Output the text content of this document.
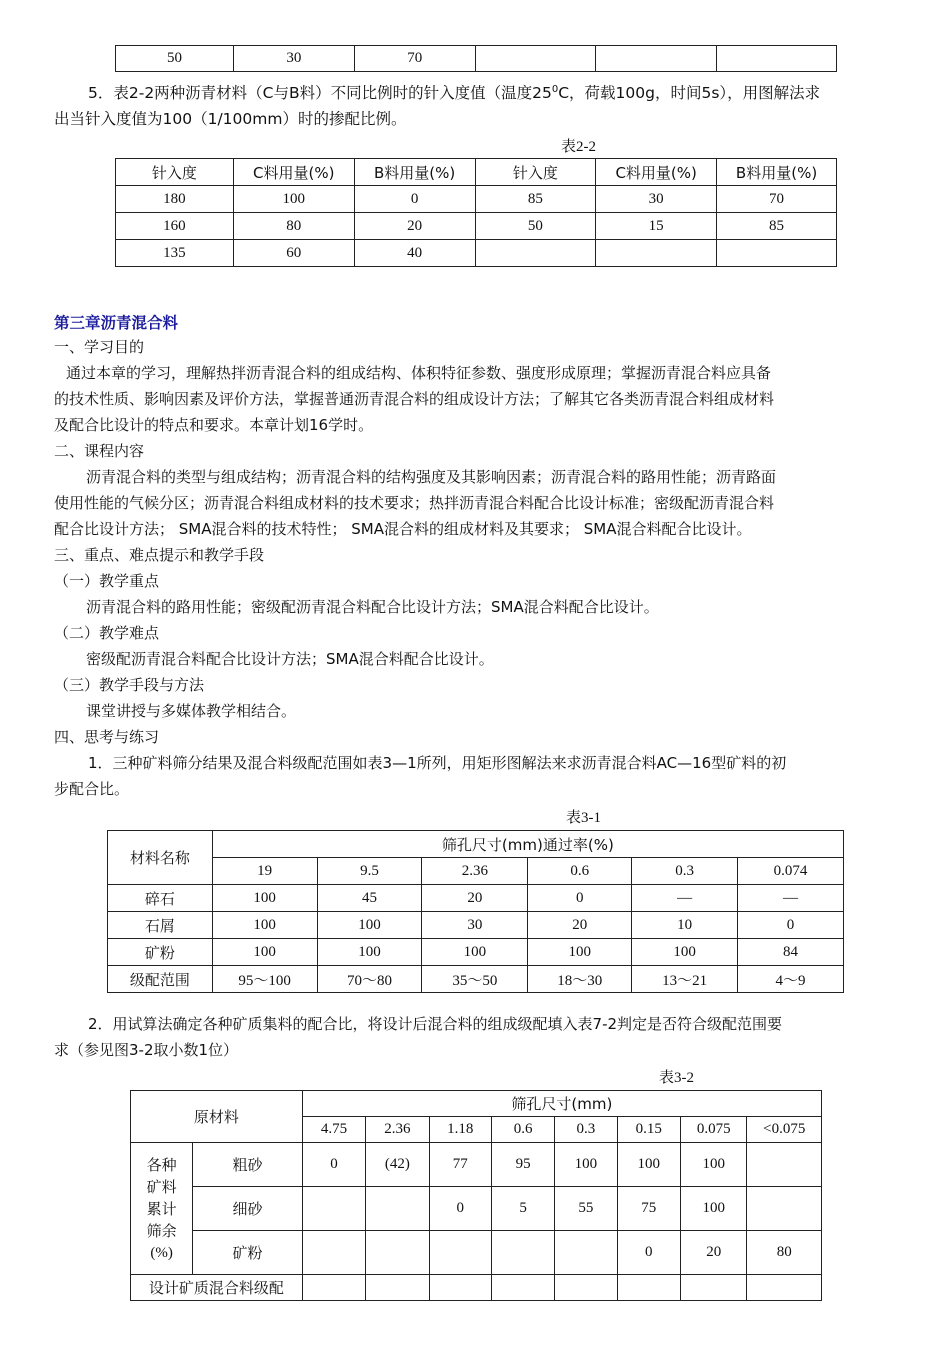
50	30	70			
5．表2-2两种沥青材料（C与B料）不同比例时的针入度值（温度$25^0C$，荷载100g，时间5s），用图解法求
出当针入度值为100（1/100mm）时的掺配比例。
表2-2
针入度	C料用量(%)	B料用量(%)	针入度	C料用量(%)	B料用量(%)
180	100	0	85	30	70
160	80	20	50	15	85
135	60	40			
第三章沥青混合料
一、学习目的
通过本章的学习，理解热拌沥青混合料的组成结构、体积特征参数、强度形成原理；掌握沥青混合料应具备
的技术性质、影响因素及评价方法，掌握普通沥青混合料的组成设计方法；了解其它各类沥青混合料组成材料
及配合比设计的特点和要求。本章计划16学时。
二、课程内容
沥青混合料的类型与组成结构；沥青混合料的结构强度及其影响因素；沥青混合料的路用性能；沥青路面
使用性能的气候分区；沥青混合料组成材料的技术要求；热拌沥青混合料配合比设计标准；密级配沥青混合料
配合比设计方法； SMA混合料的技术特性； SMA混合料的组成材料及其要求； SMA混合料配合比设计。
三、重点、难点提示和教学手段
（一）教学重点
沥青混合料的路用性能；密级配沥青混合料配合比设计方法；SMA混合料配合比设计。
（二）教学难点
密级配沥青混合料配合比设计方法；SMA混合料配合比设计。
（三）教学手段与方法
课堂讲授与多媒体教学相结合。
四、思考与练习
1．三种矿料筛分结果及混合料级配范围如表3—1所列，用矩形图解法来求沥青混合料AC—16型矿料的初
步配合比。
表3-1
材料名称	筛孔尺寸(mm)通过率(%)					
	19	9.5	2.36	0.6	0.3	0.074
碎石	100	45	20	0	—	—
石屑	100	100	30	20	10	0
矿粉	100	100	100	100	100	84
级配范围	95～100	70～80	35～50	18～30	13～21	4～9
2．用试算法确定各种矿质集料的配合比，将设计后混合料的组成级配填入表7-2判定是否符合级配范围要
求（参见图3-2取小数1位）
表3-2
原材料		筛孔尺寸(mm)							
		4.75	2.36	1.18	0.6	0.3	0.15	0.075	<0.075

各种
矿料
累计
筛余
(%)	粗砂	0	(42)	77	95	100	100	100	
	细砂			0	5	55	75	100	
	矿粉						0	20	80
设计矿质混合料级配									
